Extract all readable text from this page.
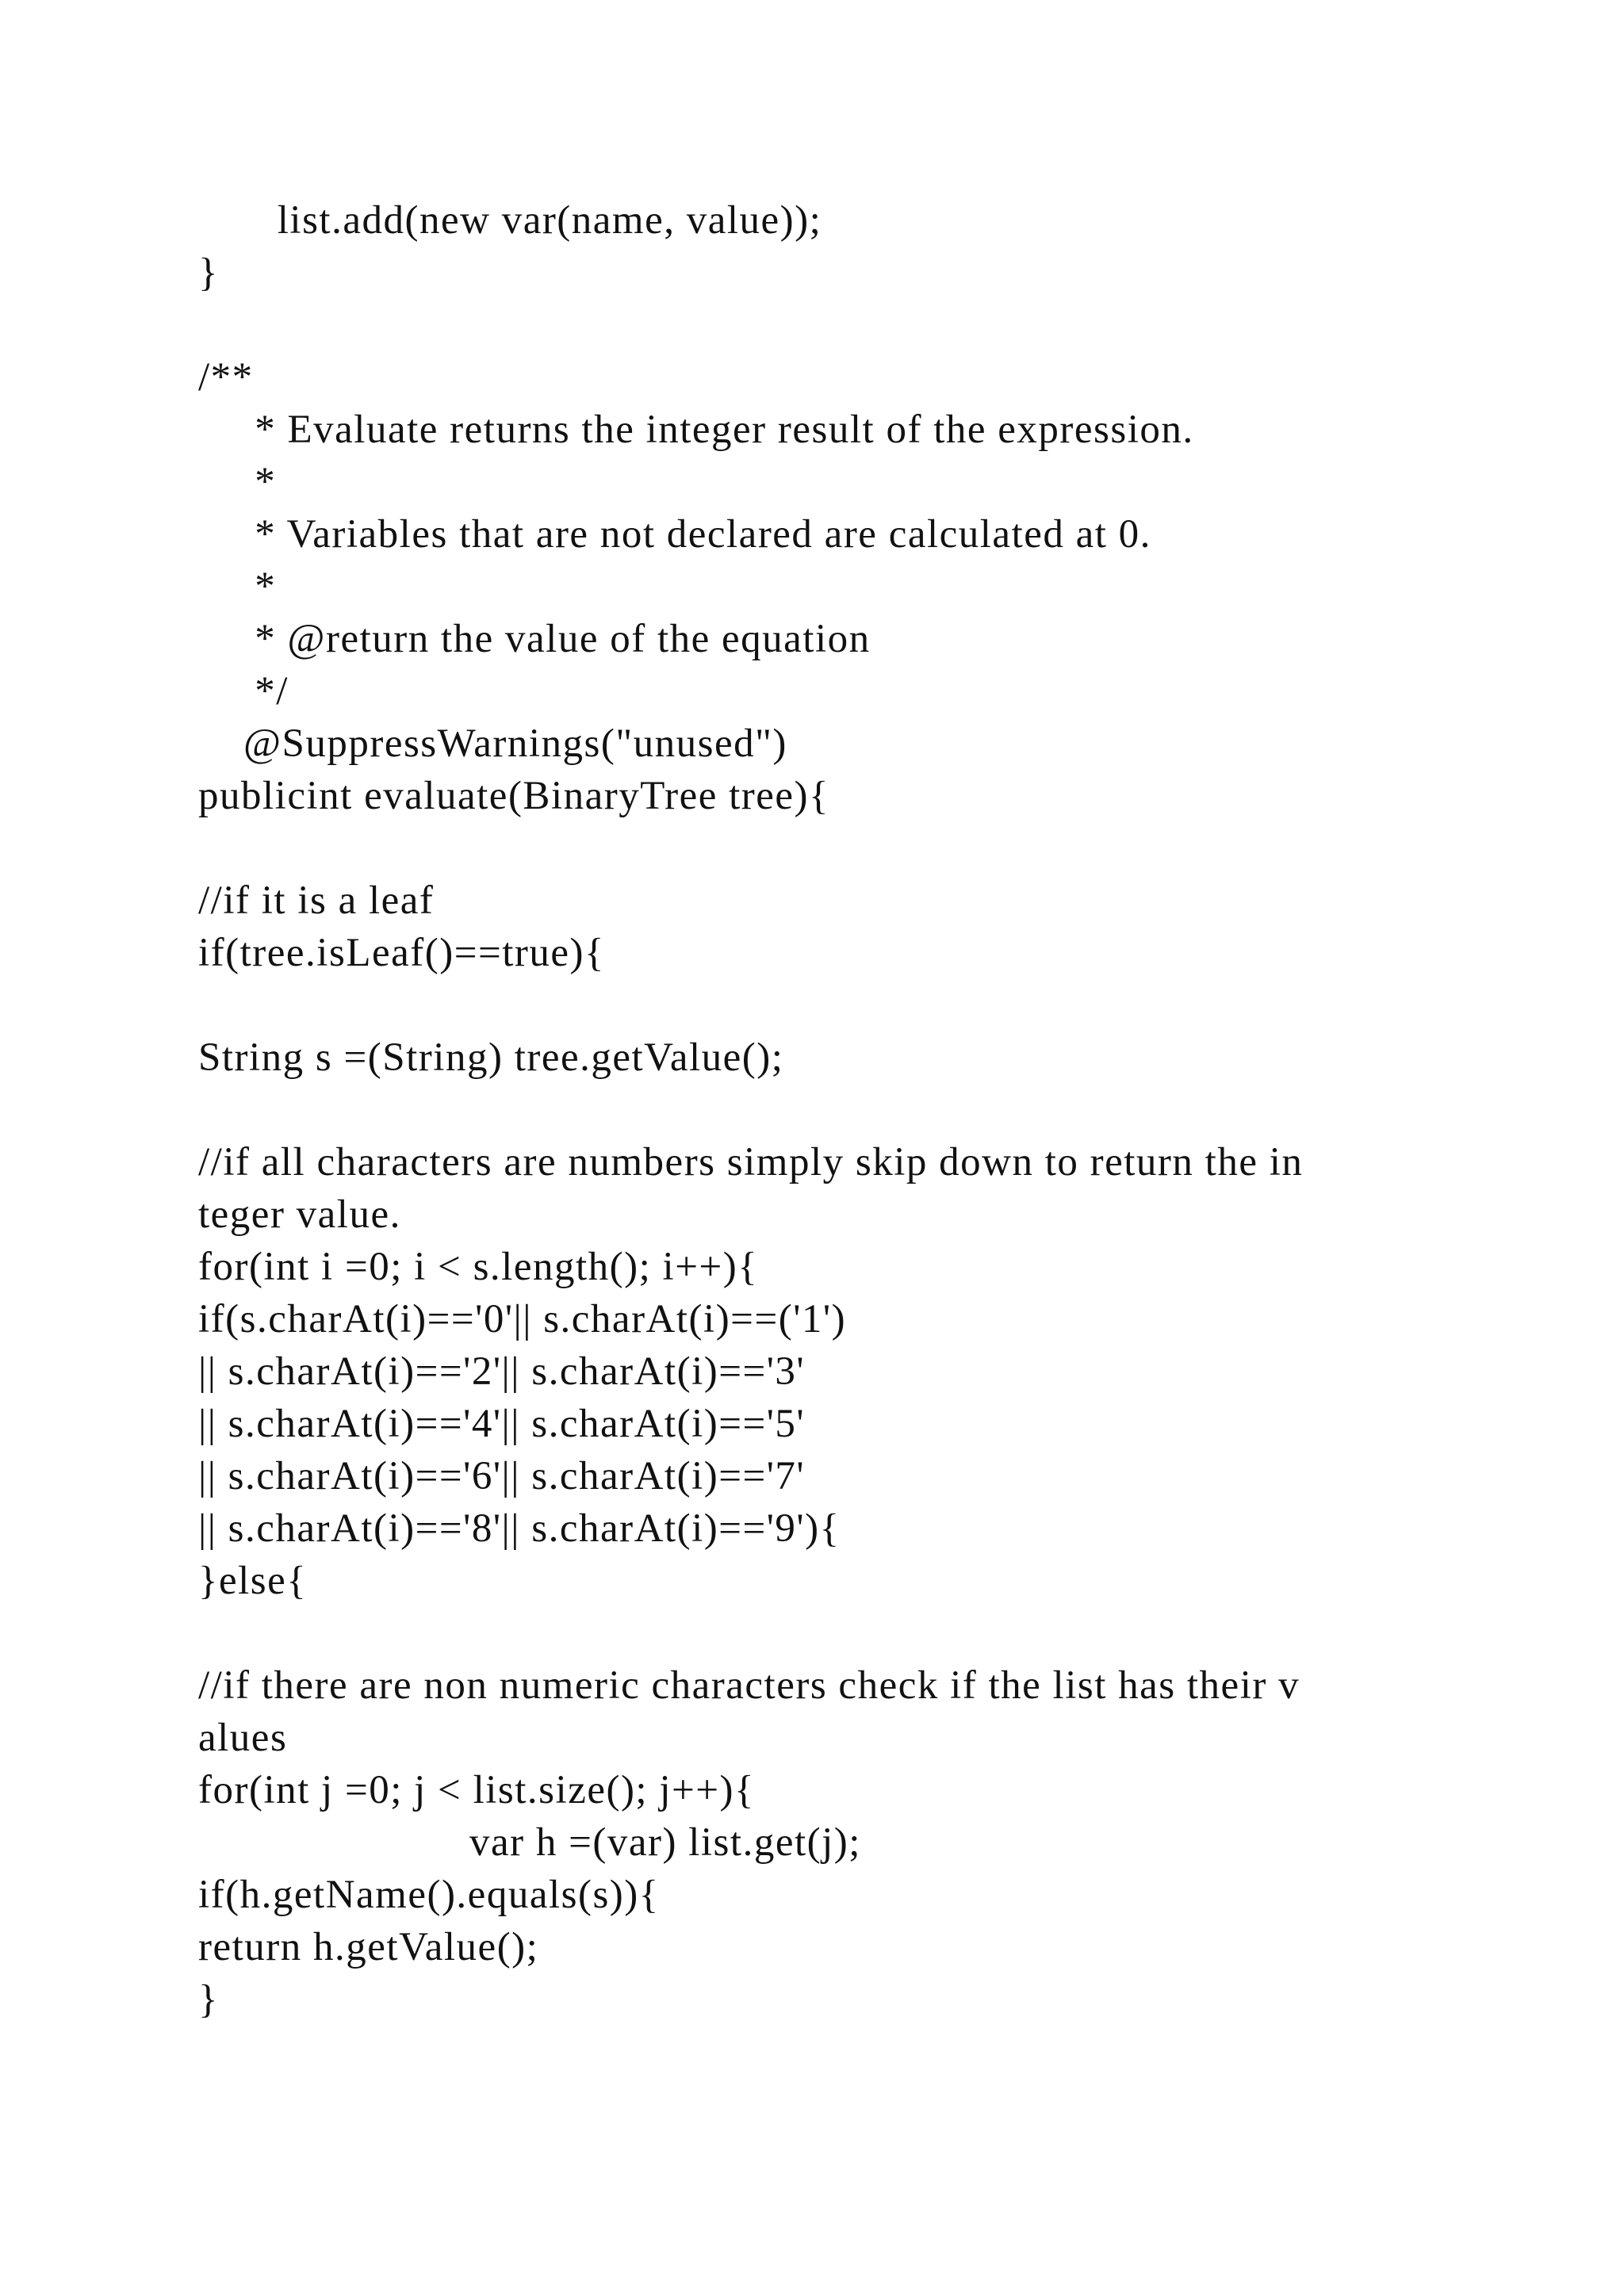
list.add(new var(name, value));
}
/**
* Evaluate returns the integer result of the expression.
*
* Variables that are not declared are calculated at 0.
*
* @return the value of the equation
*/
@SuppressWarnings("unused")
publicint evaluate(BinaryTree tree){
//if it is a leaf
if(tree.isLeaf()==true){
String s =(String) tree.getValue();
//if all characters are numbers simply skip down to return the in
teger value.
for(int i =0; i < s.length(); i++){
if(s.charAt(i)=='0'|| s.charAt(i)==('1')
|| s.charAt(i)=='2'|| s.charAt(i)=='3'
|| s.charAt(i)=='4'|| s.charAt(i)=='5'
|| s.charAt(i)=='6'|| s.charAt(i)=='7'
|| s.charAt(i)=='8'|| s.charAt(i)=='9'){
}else{
//if there are non numeric characters check if the list has their v
alues
for(int j =0; j < list.size(); j++){
var h =(var) list.get(j);
if(h.getName().equals(s)){
return h.getValue();
}
